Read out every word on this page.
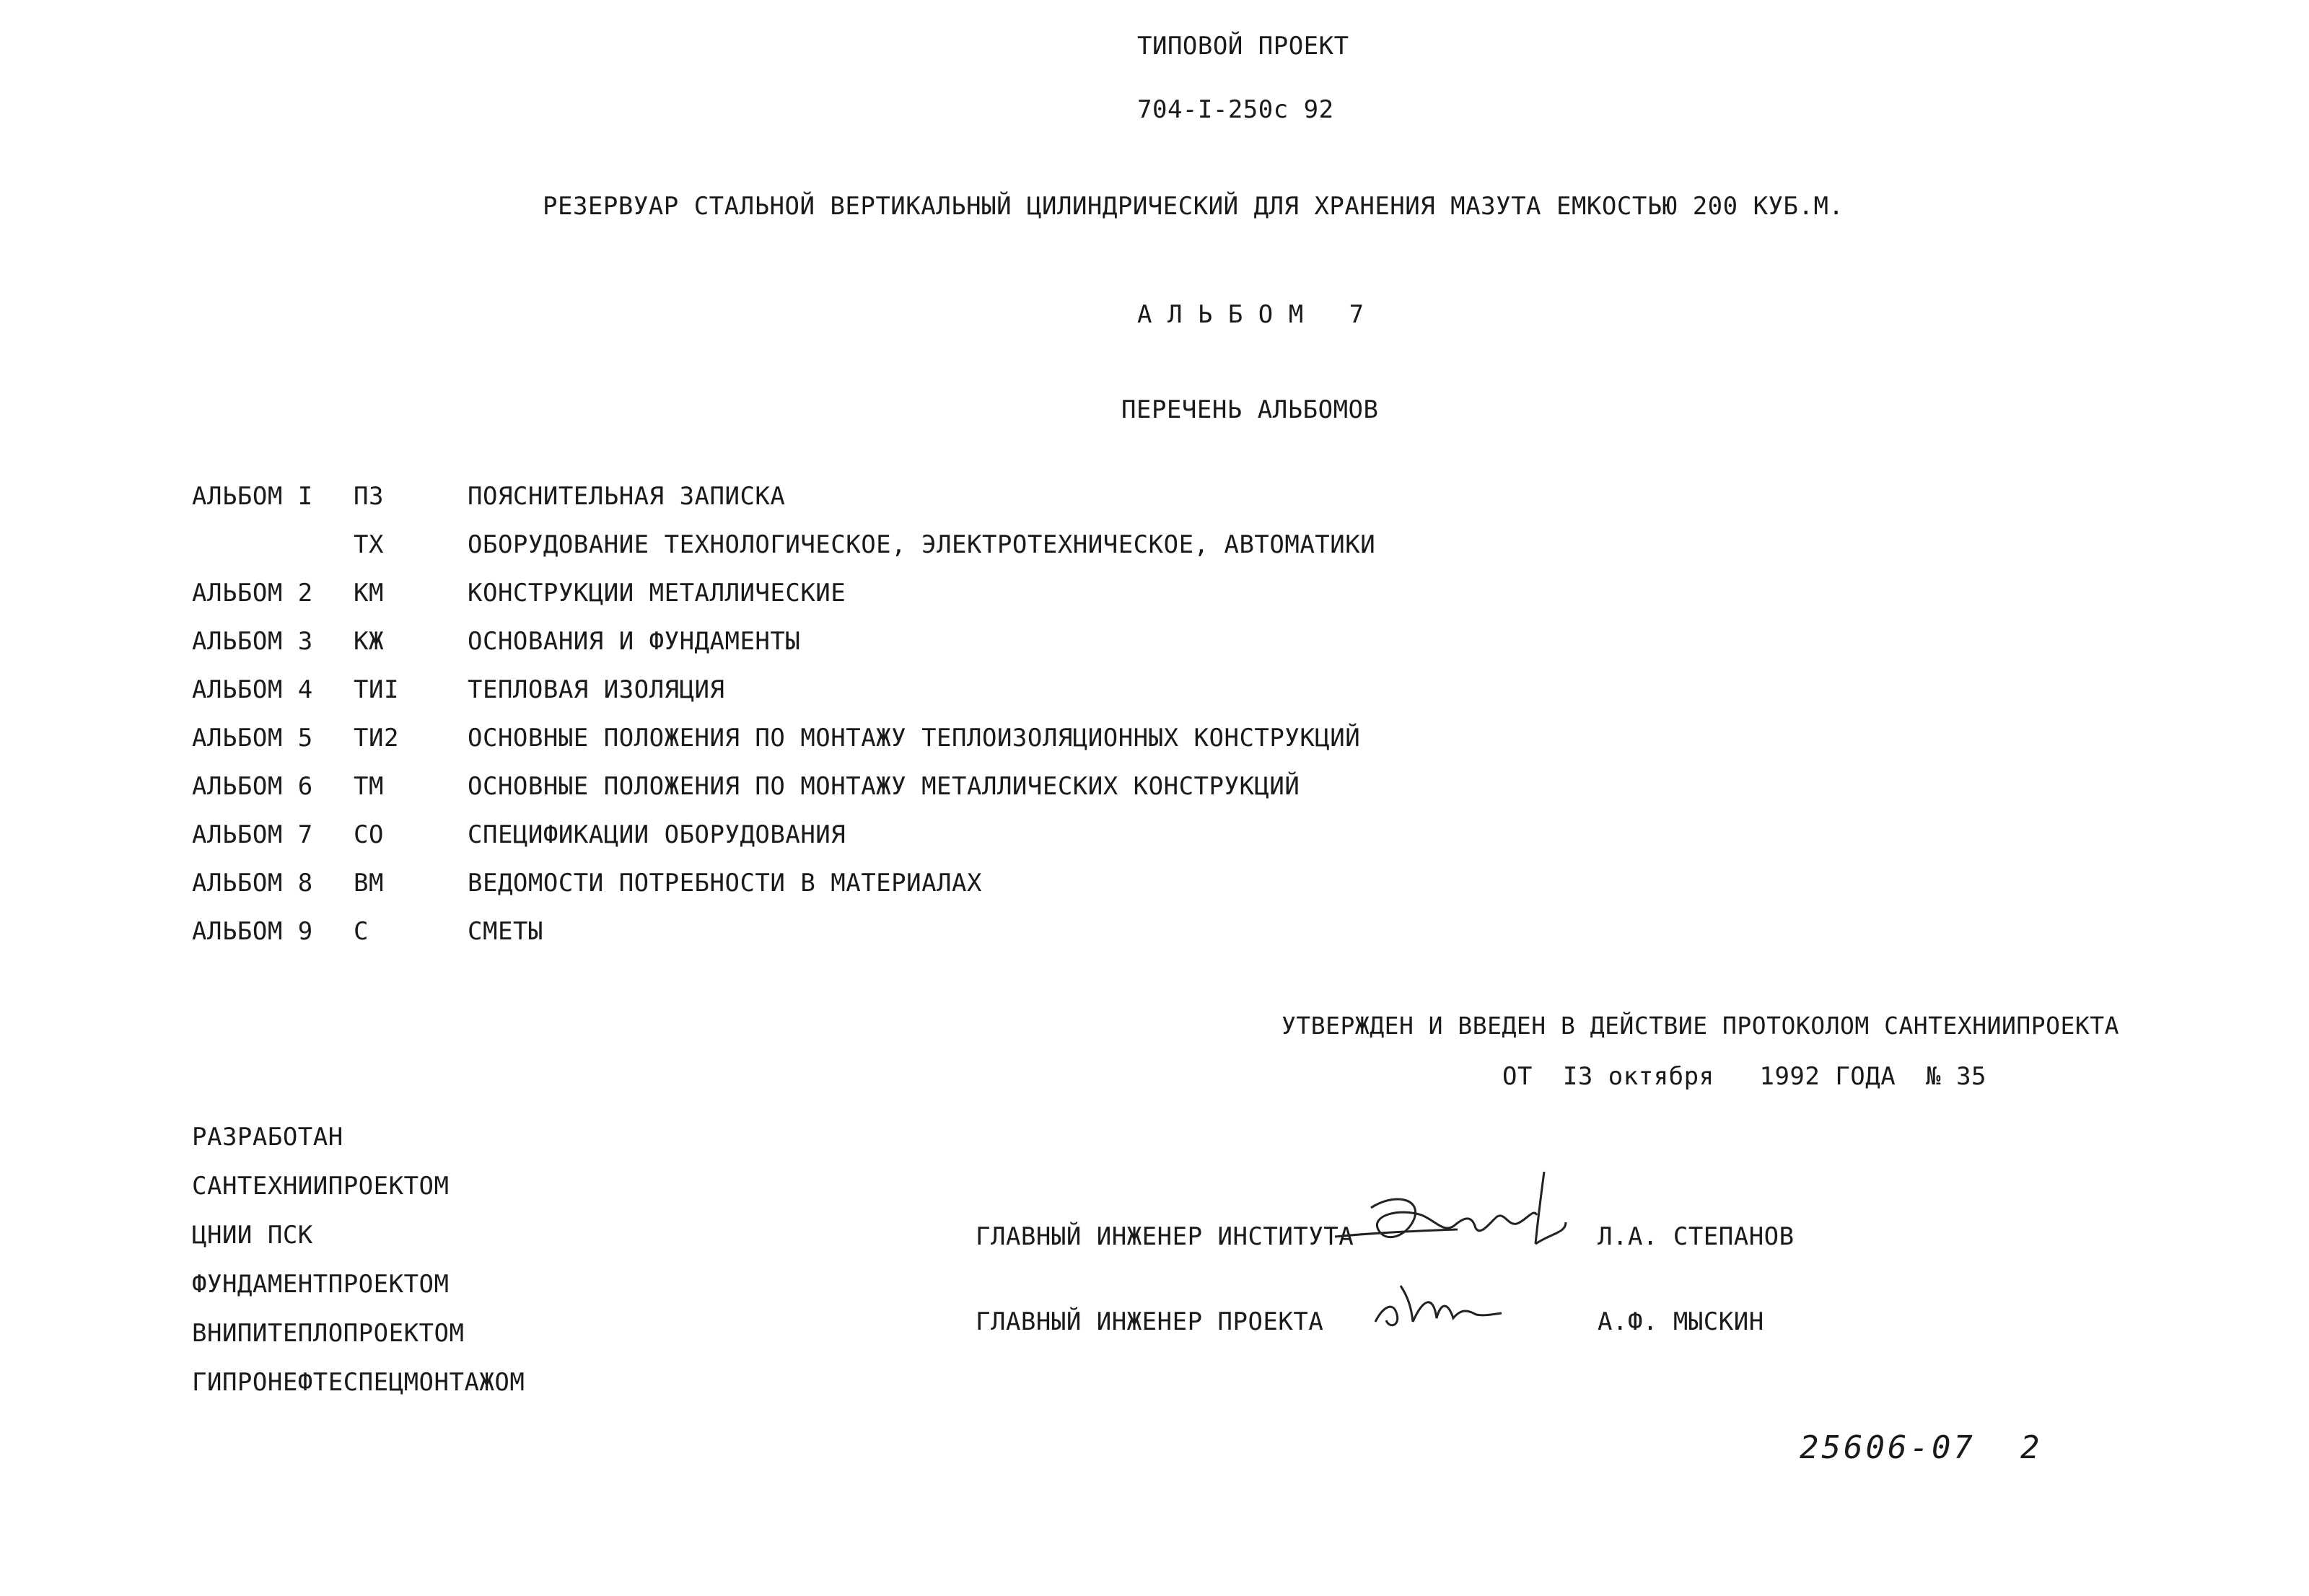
ТИПОВОЙ ПРОЕКТ
704-I-250с 92
РЕЗЕРВУАР СТАЛЬНОЙ ВЕРТИКАЛЬНЫЙ ЦИЛИНДРИЧЕСКИЙ ДЛЯ ХРАНЕНИЯ МАЗУТА ЕМКОСТЬЮ 200 КУБ.М.
А Л Ь Б О М   7
ПЕРЕЧЕНЬ АЛЬБОМОВ
АЛЬБОМ I ПЗ	ПОЯСНИТЕЛЬНАЯ ЗАПИСКА
ТХ	ОБОРУДОВАНИЕ ТЕХНОЛОГИЧЕСКОЕ, ЭЛЕКТРОТЕХНИЧЕСКОЕ, АВТОМАТИКИ
АЛЬБОМ 2 КМ	КОНСТРУКЦИИ МЕТАЛЛИЧЕСКИЕ
АЛЬБОМ 3 КЖ	ОСНОВАНИЯ И ФУНДАМЕНТЫ
АЛЬБОМ 4 ТИI	ТЕПЛОВАЯ ИЗОЛЯЦИЯ
АЛЬБОМ 5 ТИ2	ОСНОВНЫЕ ПОЛОЖЕНИЯ ПО МОНТАЖУ ТЕПЛОИЗОЛЯЦИОННЫХ КОНСТРУКЦИЙ
АЛЬБОМ 6 ТМ	ОСНОВНЫЕ ПОЛОЖЕНИЯ ПО МОНТАЖУ МЕТАЛЛИЧЕСКИХ КОНСТРУКЦИЙ
АЛЬБОМ 7 СО	СПЕЦИФИКАЦИИ ОБОРУДОВАНИЯ
АЛЬБОМ 8 ВМ	ВЕДОМОСТИ ПОТРЕБНОСТИ В МАТЕРИАЛАХ
АЛЬБОМ 9 С	СМЕТЫ
УТВЕРЖДЕН И ВВЕДЕН В ДЕЙСТВИЕ ПРОТОКОЛОМ САНТЕХНИИПРОЕКТА
ОТ  I3 октября   1992 ГОДА  № 35
РАЗРАБОТАН
САНТЕХНИИПРОЕКТОМ
ЦНИИ ПСК
ФУНДАМЕНТПРОЕКТОМ
ВНИПИТЕПЛОПРОЕКТОМ
ГИПРОНЕФТЕСПЕЦМОНТАЖОМ
ГЛАВНЫЙ ИНЖЕНЕР ИНСТИТУТА	Л.А. СТЕПАНОВ
ГЛАВНЫЙ ИНЖЕНЕР ПРОЕКТА	А.Ф. МЫСКИН
25606-07 2
